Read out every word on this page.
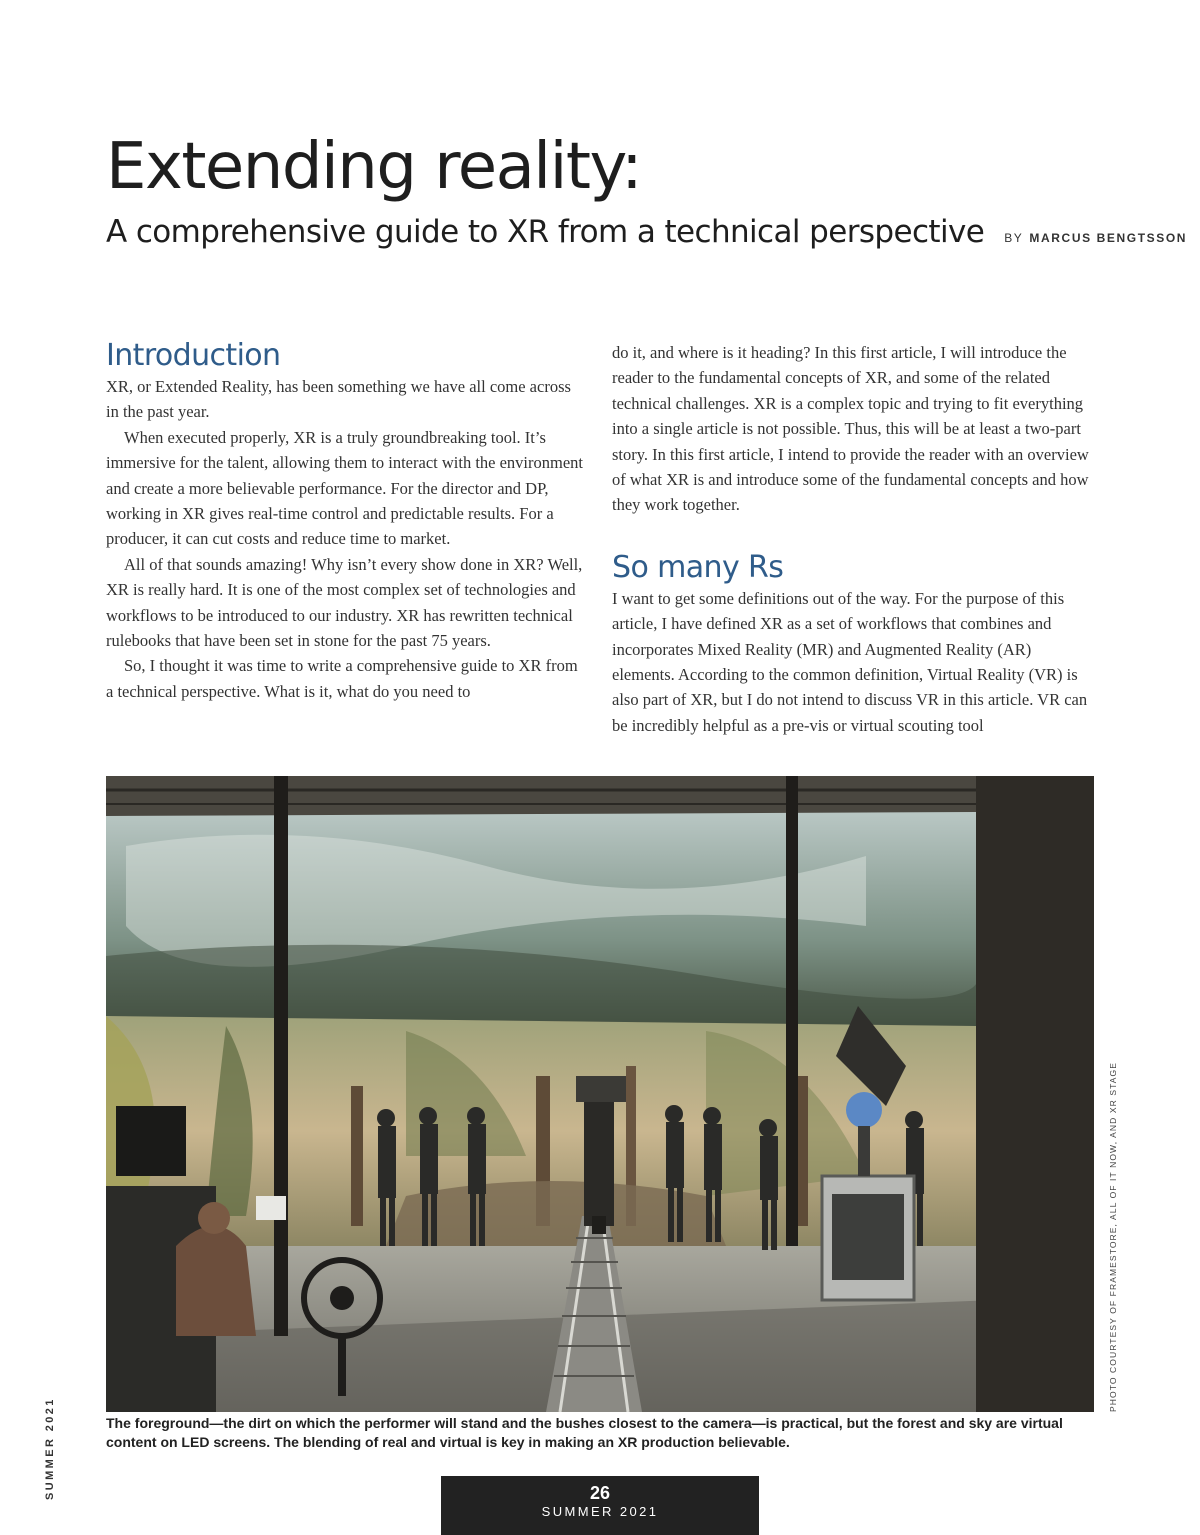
Extending reality:
A comprehensive guide to XR from a technical perspective BY MARCUS BENGTSSON
Introduction

XR, or Extended Reality, has been something we have all come across in the past year.

When executed properly, XR is a truly groundbreaking tool. It’s immersive for the talent, allowing them to interact with the environment and create a more believable performance. For the director and DP, working in XR gives real-time control and predictable results. For a producer, it can cut costs and reduce time to market.

All of that sounds amazing! Why isn’t every show done in XR? Well, XR is really hard. It is one of the most complex set of technologies and workflows to be introduced to our industry. XR has rewritten technical rulebooks that have been set in stone for the past 75 years.

So, I thought it was time to write a comprehensive guide to XR from a technical perspective. What is it, what do you need to

do it, and where is it heading? In this first article, I will introduce the reader to the fundamental concepts of XR, and some of the related technical challenges. XR is a complex topic and trying to fit everything into a single article is not possible. Thus, this will be at least a two-part story. In this first article, I intend to provide the reader with an overview of what XR is and introduce some of the fundamental concepts and how they work together.

So many Rs

I want to get some definitions out of the way. For the purpose of this article, I have defined XR as a set of workflows that combines and incorporates Mixed Reality (MR) and Augmented Reality (AR) elements. According to the common definition, Virtual Reality (VR) is also part of XR, but I do not intend to discuss VR in this article. VR can be incredibly helpful as a pre-vis or virtual scouting tool

PHOTO COURTESY OF FRAMESTORE, ALL OF IT NOW, AND XR STAGE

The foreground—the dirt on which the performer will stand and the bushes closest to the camera—is practical, but the forest and sky are virtual content on LED screens. The blending of real and virtual is key in making an XR production believable.

SUMMER 2021	26
SUMMER 2021
